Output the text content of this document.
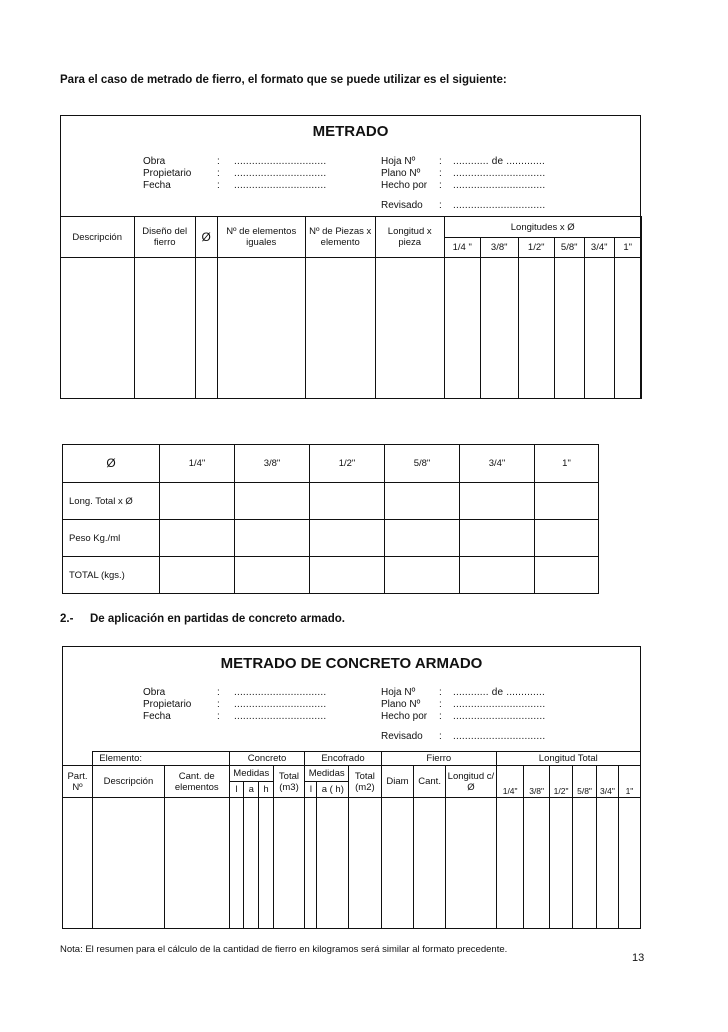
Para el caso de metrado de fierro, el formato que se puede utilizar es el siguiente:
METRADO
Obra	: ...............................
Propietario	: ...............................
Fecha	: ...............................
Hoja Nº : ............ de .............
Plano Nº : ...............................
Hecho por : ...............................
Revisado : ...............................
Descripción	Diseño del fierro	Ø	Nº de elementos iguales	Nº de Piezas x elemento	Longitud x pieza	Longitudes x Ø					
						1/4 "	3/8"	1/2"	5/8"	3/4"	1"

Ø	1/4"	3/8"	1/2"	5/8"	3/4"	1"
Long. Total x Ø						
Peso Kg./ml						
TOTAL (kgs.)						
2.- De aplicación en partidas de concreto armado.
METRADO DE CONCRETO ARMADO
Obra	: ...............................
Propietario	: ...............................
Fecha	: ...............................
Hoja Nº : ............ de .............
Plano Nº : ...............................
Hecho por : ...............................
Revisado : ...............................
	Elemento:		Concreto				Encofrado			Fierro			Longitud Total					
Part. Nº	Descripción	Cant. de elementos	Medidas			Total (m3)	Medidas		Total (m2)	Diam	Cant.	Longitud c/Ø	1/4"	3/8"	1/2"	5/8"	3/4"	1"
			l	a	h		l	a ( h)										

Nota: El resumen para el cálculo de la cantidad de fierro en kilogramos será similar al formato precedente.
13
